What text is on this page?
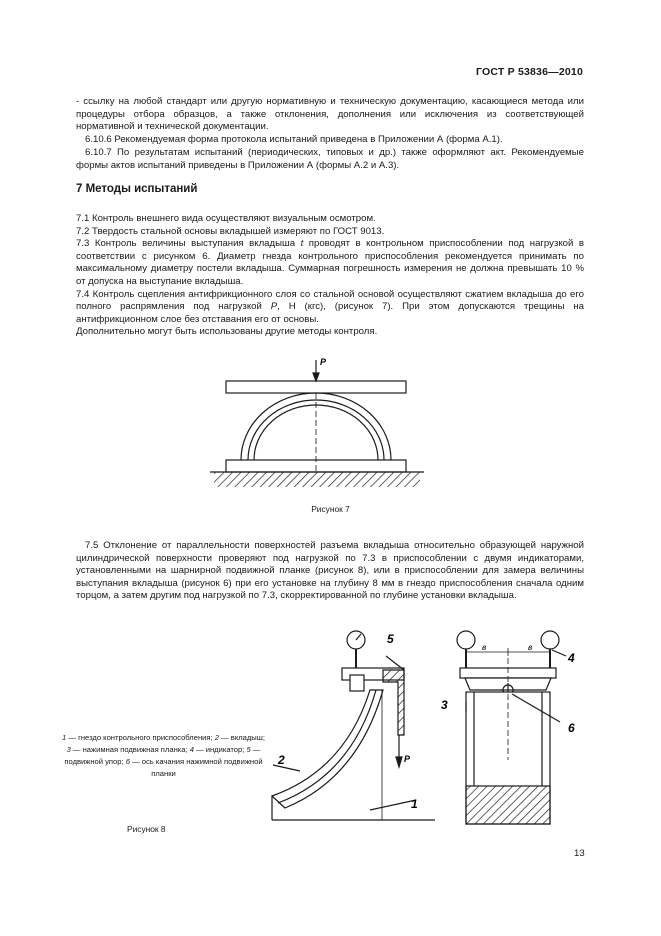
ГОСТ Р 53836—2010

- ссылку на любой стандарт или другую нормативную и техническую документацию, касающиеся метода или процедуры отбора образцов, а также отклонения, дополнения или исключения из соответствующей нормативной и технической документации.

6.10.6 Рекомендуемая форма протокола испытаний приведена в Приложении А (форма А.1).

6.10.7 По результатам испытаний (периодических, типовых и др.) также оформляют акт. Рекомендуемые формы актов испытаний приведены в Приложении А (формы А.2 и А.3).

7 Методы испытаний

7.1 Контроль внешнего вида осуществляют визуальным осмотром.

7.2 Твердость стальной основы вкладышей измеряют по ГОСТ 9013.

7.3 Контроль величины выступания вкладыша t проводят в контрольном приспособлении под нагрузкой в соответствии с рисунком 6. Диаметр гнезда контрольного приспособления рекомендуется принимать по максимальному диаметру постели вкладыша. Суммарная погрешность измерения не должна превышать 10 % от допуска на выступание вкладыша.

7.4 Контроль сцепления антифрикционного слоя со стальной основой осуществляют сжатием вкладыша до его полного распрямления под нагрузкой P, Н (кгс), (рисунок 7). При этом допускаются трещины на антифрикционном слое без отставания его от основы.

Дополнительно могут быть использованы другие методы контроля.

Рисунок 7

7.5 Отклонение от параллельности поверхностей разъема вкладыша относительно образующей наружной цилиндрической поверхности проверяют под нагрузкой по 7.3 в приспособлении с двумя индикаторами, установленными на шарнирной подвижной планке (рисунок 8), или в приспособлении для замера величины выступания вкладыша (рисунок 6) при его установке на глубину 8 мм в гнездо приспособления сначала одним торцом, а затем другим под нагрузкой по 7.3, скорректированной по глубине установки вкладыша.

1 — гнездо контрольного приспособления; 2 — вкладыш; 3 — нажимная подвижная планка; 4 — индикатор; 5 — подвижной упор; 6 — ось качания нажимной подвижной планки
Рисунок 8
13
P
5
P
1
2
в	в
4
3
6
